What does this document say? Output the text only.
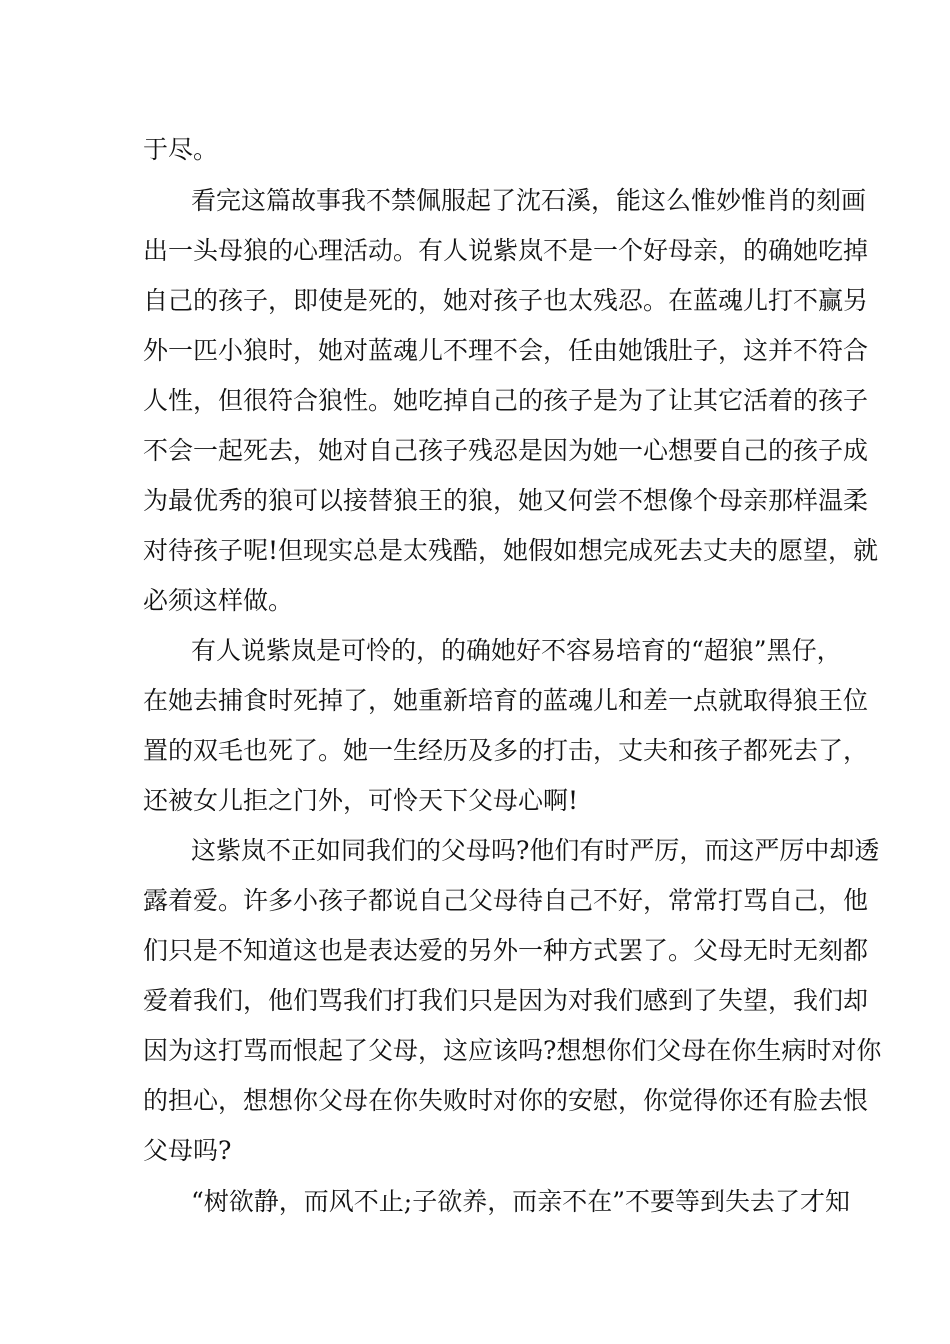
于尽。
看完这篇故事我不禁佩服起了沈石溪，能这么惟妙惟肖的刻画
出一头母狼的心理活动。有人说紫岚不是一个好母亲，的确她吃掉
自己的孩子，即使是死的，她对孩子也太残忍。在蓝魂儿打不赢另
外一匹小狼时，她对蓝魂儿不理不会，任由她饿肚子，这并不符合
人性，但很符合狼性。她吃掉自己的孩子是为了让其它活着的孩子
不会一起死去，她对自己孩子残忍是因为她一心想要自己的孩子成
为最优秀的狼可以接替狼王的狼，她又何尝不想像个母亲那样温柔
对待孩子呢!但现实总是太残酷，她假如想完成死去丈夫的愿望，就
必须这样做。
有人说紫岚是可怜的，的确她好不容易培育的“超狼”黑仔，
在她去捕食时死掉了，她重新培育的蓝魂儿和差一点就取得狼王位
置的双毛也死了。她一生经历及多的打击，丈夫和孩子都死去了，
还被女儿拒之门外，可怜天下父母心啊!
这紫岚不正如同我们的父母吗?他们有时严厉，而这严厉中却透
露着爱。许多小孩子都说自己父母待自己不好，常常打骂自己，他
们只是不知道这也是表达爱的另外一种方式罢了。父母无时无刻都
爱着我们，他们骂我们打我们只是因为对我们感到了失望，我们却
因为这打骂而恨起了父母，这应该吗?想想你们父母在你生病时对你
的担心，想想你父母在你失败时对你的安慰，你觉得你还有脸去恨
父母吗?
“树欲静，而风不止;子欲养，而亲不在”不要等到失去了才知
